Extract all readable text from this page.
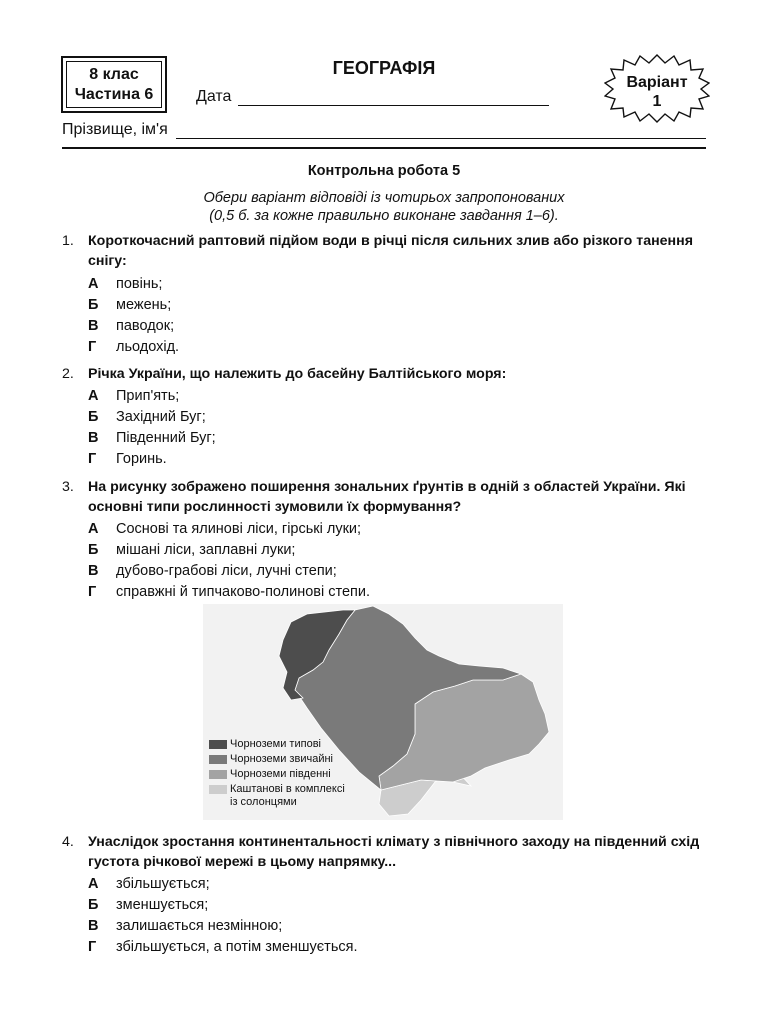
8 клас
Частина 6
ГЕОГРАФІЯ
Дата
Варіант
1
Прізвище, ім'я
Контрольна робота 5
Обери варіант відповіді із чотирьох запропонованих
(0,5 б. за кожне правильно виконане завдання 1–6).
1. Короткочасний раптовий підйом води в річці після сильних злив або різкого танення снігу:
А	повінь;
Б	межень;
В	паводок;
Г	льодохід.
2. Річка України, що належить до басейну Балтійського моря:
А	Прип'ять;
Б	Західний Буг;
В	Південний Буг;
Г	Горинь.
3. На рисунку зображено поширення зональних ґрунтів в одній з областей України. Які основні типи рослинності зумовили їх формування?
А	Соснові та ялинові ліси, гірські луки;
Б	мішані ліси, заплавні луки;
В	дубово-грабові ліси, лучні степи;
Г	справжні й типчаково-полинові степи.
Чорноземи типові
Чорноземи звичайні
Чорноземи південні
Каштанові в комплексі
із солонцями
4. Унаслідок зростання континентальності клімату з північного заходу на південний схід густота річкової мережі в цьому напрямку...
А	збільшується;
Б	зменшується;
В	залишається незмінною;
Г	збільшується, а потім зменшується.
